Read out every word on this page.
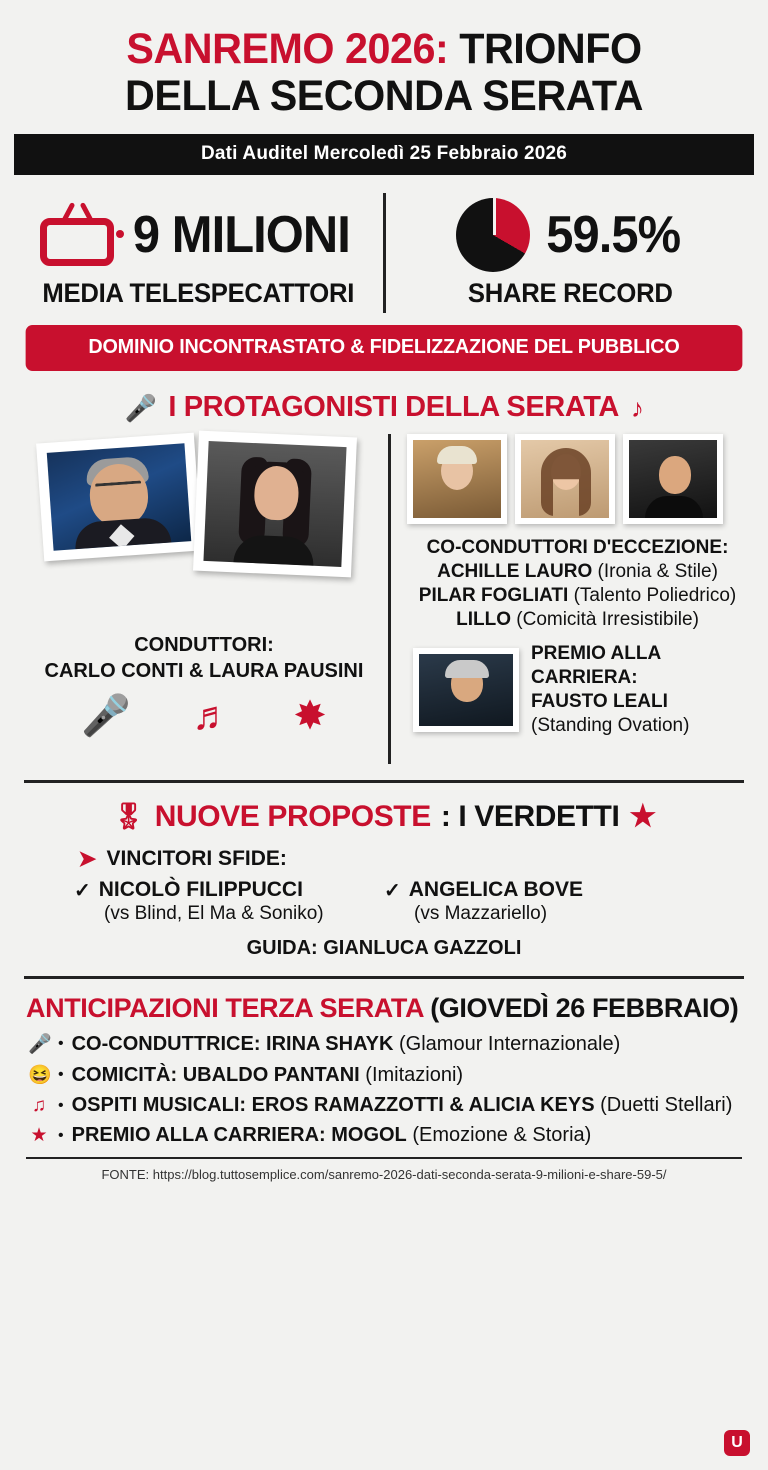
SANREMO 2026: TRIONFO
DELLA SECONDA SERATA
Dati Auditel Mercoledì 25 Febbraio 2026
9 MILIONI
MEDIA TELESPECATTORI
59.5%
SHARE RECORD
DOMINIO INCONTRASTATO & FIDELIZZAZIONE DEL PUBBLICO
🎤 I PROTAGONISTI DELLA SERATA ♪
CONDUTTORI:
CARLO CONTI & LAURA PAUSINI
🎤 ♬ ✸
CO-CONDUTTORI D'ECCEZIONE:
ACHILLE LAURO (Ironia & Stile)
PILAR FOGLIATI (Talento Poliedrico)
LILLO (Comicità Irresistibile)
PREMIO ALLA CARRIERA:
FAUSTO LEALI
(Standing Ovation)
🎖 NUOVE PROPOSTE : I VERDETTI ★
➤ VINCITORI SFIDE:
✓ NICOLÒ FILIPPUCCI
(vs Blind, El Ma & Soniko)
✓ ANGELICA BOVE
(vs Mazzariello)
GUIDA: GIANLUCA GAZZOLI
ANTICIPAZIONI TERZA SERATA (GIOVEDÌ 26 FEBBRAIO)
🎤 • CO-CONDUTTRICE: IRINA SHAYK (Glamour Internazionale)
😆 • COMICITÀ: UBALDO PANTANI (Imitazioni)
♫ • OSPITI MUSICALI: EROS RAMAZZOTTI & ALICIA KEYS (Duetti Stellari)
★ • PREMIO ALLA CARRIERA: MOGOL (Emozione & Storia)
FONTE: https://blog.tuttosemplice.com/sanremo-2026-dati-seconda-serata-9-milioni-e-share-59-5/
U
